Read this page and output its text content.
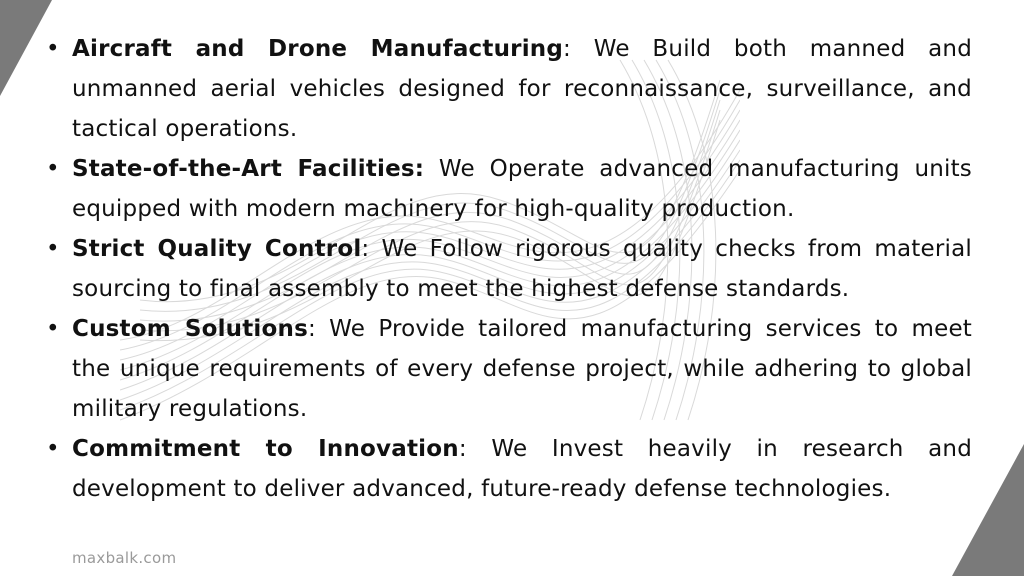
• Aircraft and Drone Manufacturing: We Build both manned and unmanned aerial vehicles designed for reconnaissance, surveillance, and tactical operations.
• State-of-the-Art Facilities: We Operate advanced manufacturing units equipped with modern machinery for high-quality production.
• Strict Quality Control: We Follow rigorous quality checks from material sourcing to final assembly to meet the highest defense standards.
• Custom Solutions: We Provide tailored manufacturing services to meet the unique requirements of every defense project, while adhering to global military regulations.
• Commitment to Innovation: We Invest heavily in research and development to deliver advanced, future-ready defense technologies.
maxbalk.com
